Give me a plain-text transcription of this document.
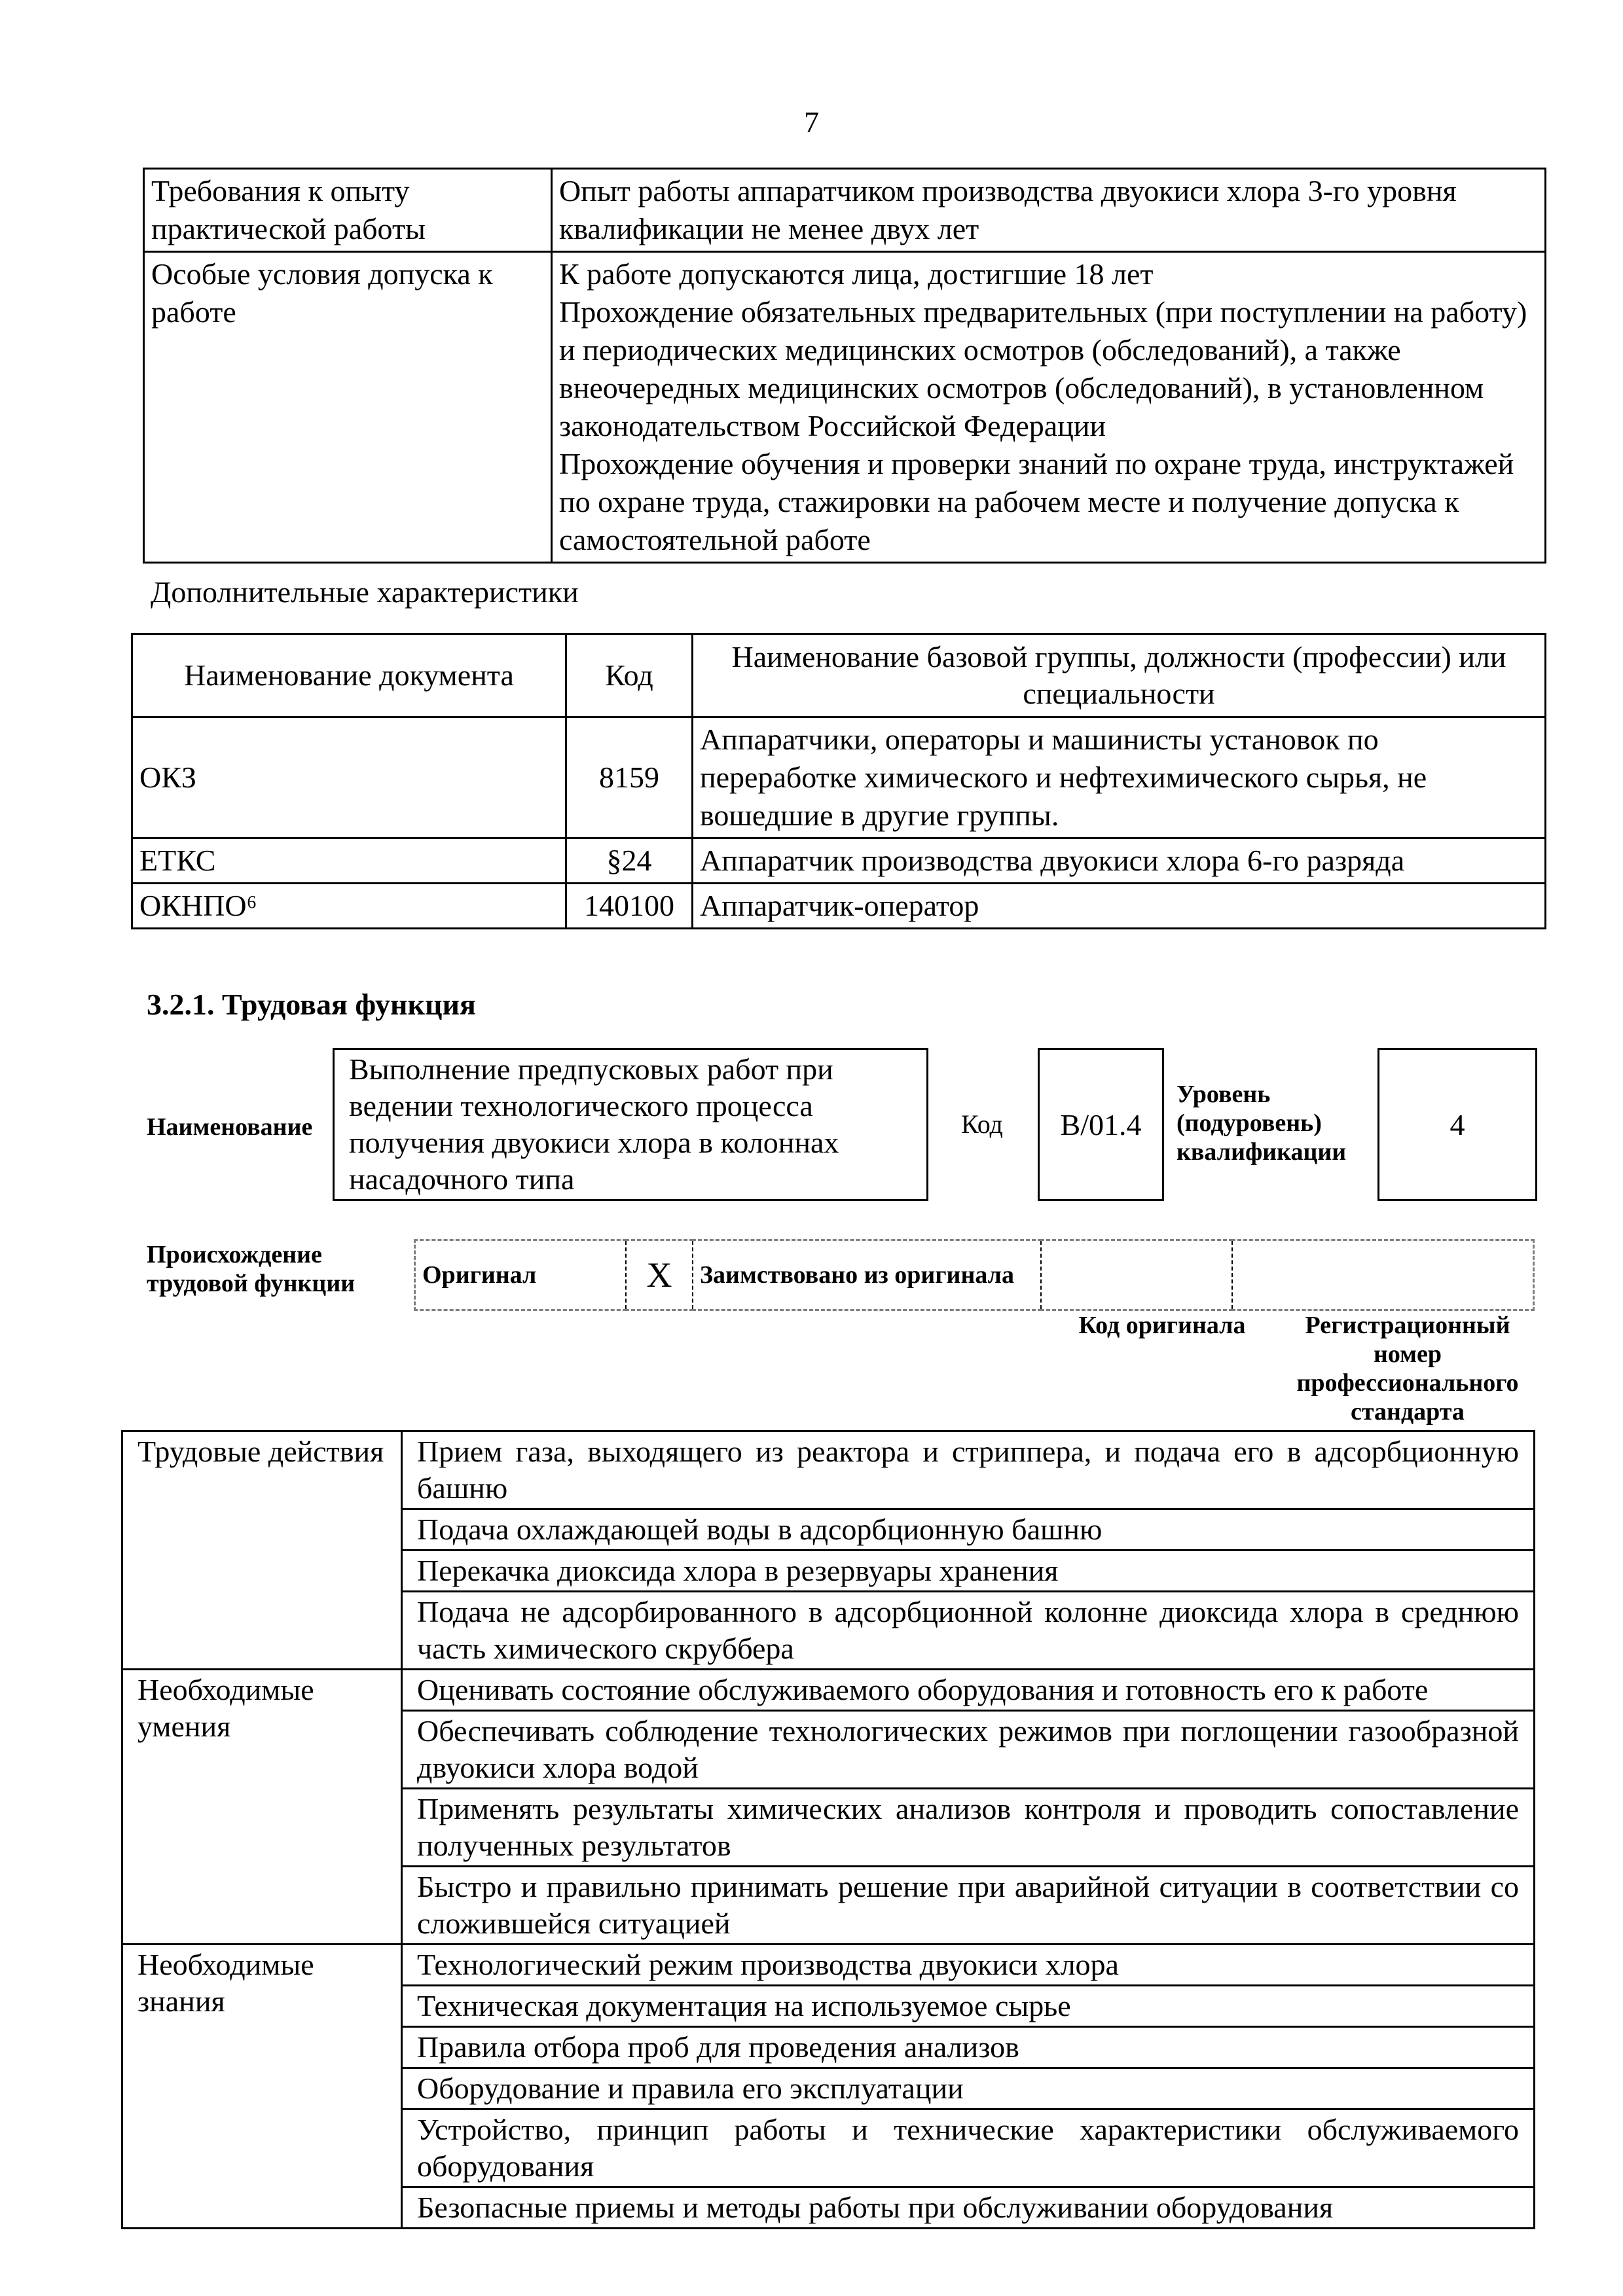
7
Требования к опыту практической работы	Опыт работы аппаратчиком производства двуокиси хлора 3-го уровня квалификации не менее двух лет
Особые условия допуска к работе	К работе допускаются лица, достигшие 18 лет
Прохождение обязательных предварительных (при поступлении на работу) и периодических медицинских осмотров (обследований), а также внеочередных медицинских осмотров (обследований), в установленном законодательством Российской Федерации
Прохождение обучения и проверки знаний по охране труда, инструктажей по охране труда, стажировки на рабочем месте и получение допуска к самостоятельной работе
Дополнительные характеристики
Наименование документа	Код	Наименование базовой группы, должности (профессии) или специальности
ОКЗ	8159	Аппаратчики, операторы и машинисты установок по переработке химического и нефтехимического сырья, не вошедшие в другие группы.
ЕТКС	§24	Аппаратчик производства двуокиси хлора 6-го разряда
ОКНПО⁶	140100	Аппаратчик-оператор
3.2.1. Трудовая функция
Наименование
Выполнение предпусковых работ при ведении технологического процесса получения двуокиси хлора в колоннах насадочного типа
Код	В/01.4
Уровень (подуровень) квалификации
4
Происхождение трудовой функции	Оригинал	X	Заимствовано из оригинала		
Код оригинала	Регистрационный номер профессионального стандарта
Трудовые действия	Прием газа, выходящего из реактора и стриппера, и подача его в адсорбционную башню
	Подача охлаждающей воды в адсорбционную башню
	Перекачка диоксида хлора в резервуары хранения
	Подача не адсорбированного в адсорбционной колонне диоксида хлора в среднюю часть химического скруббера
Необходимые умения	Оценивать состояние обслуживаемого оборудования и готовность его к работе
	Обеспечивать соблюдение технологических режимов при поглощении газообразной двуокиси хлора водой
	Применять результаты химических анализов контроля и проводить сопоставление полученных результатов
	Быстро и правильно принимать решение при аварийной ситуации в соответствии со сложившейся ситуацией
Необходимые знания	Технологический режим производства двуокиси хлора
	Техническая документация на используемое сырье
	Правила отбора проб для проведения анализов
	Оборудование и правила его эксплуатации
	Устройство, принцип работы и технические характеристики обслуживаемого оборудования
	Безопасные приемы и методы работы при обслуживании оборудования
